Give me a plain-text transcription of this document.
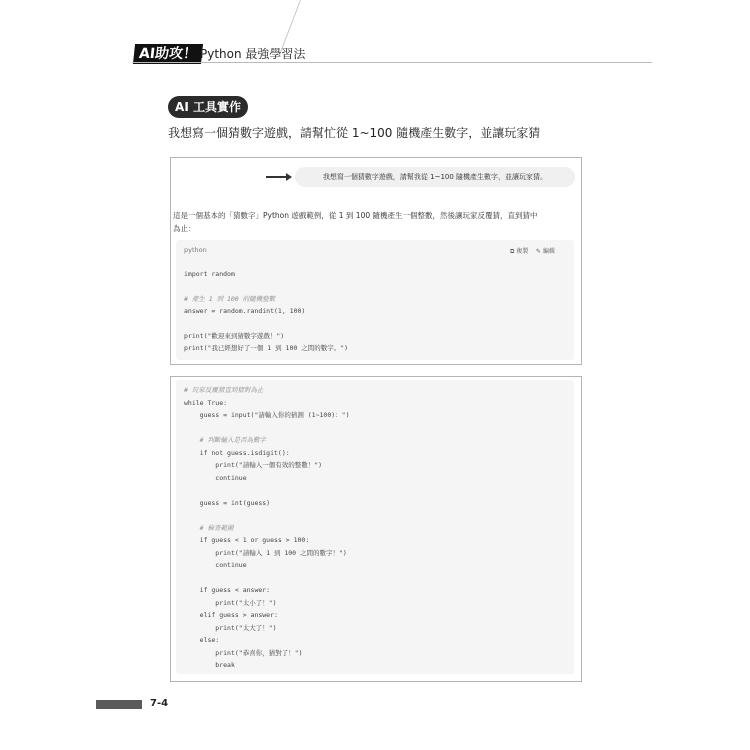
AI助攻！ Python 最強學習法
AI 工具實作
我想寫一個猜數字遊戲，請幫忙從 1~100 隨機產生數字，並讓玩家猜
我想寫一個猜數字遊戲，請幫我從 1~100 隨機產生數字，並讓玩家猜。
這是一個基本的「猜數字」Python 遊戲範例，從 1 到 100 隨機產生一個整數，然後讓玩家反覆猜，直到猜中
為止：
python	⧉ 複製 ✎ 編輯
import random

# 產生 1 到 100 的隨機整數
answer = random.randint(1, 100)

print("歡迎來到猜數字遊戲！")
print("我已經想好了一個 1 到 100 之間的數字。")
# 玩家反覆猜直到猜對為止
while True:
guess = input("請輸入你的猜測 (1~100)：")

# 判斷輸入是否為數字
if not guess.isdigit():
print("請輸入一個有效的整數！")
continue

guess = int(guess)

# 檢查範圍
if guess < 1 or guess > 100:
print("請輸入 1 到 100 之間的數字！")
continue

if guess < answer:
print("太小了！")
elif guess > answer:
print("太大了！")
else:
print("恭喜你，猜對了！")
break
7-4
